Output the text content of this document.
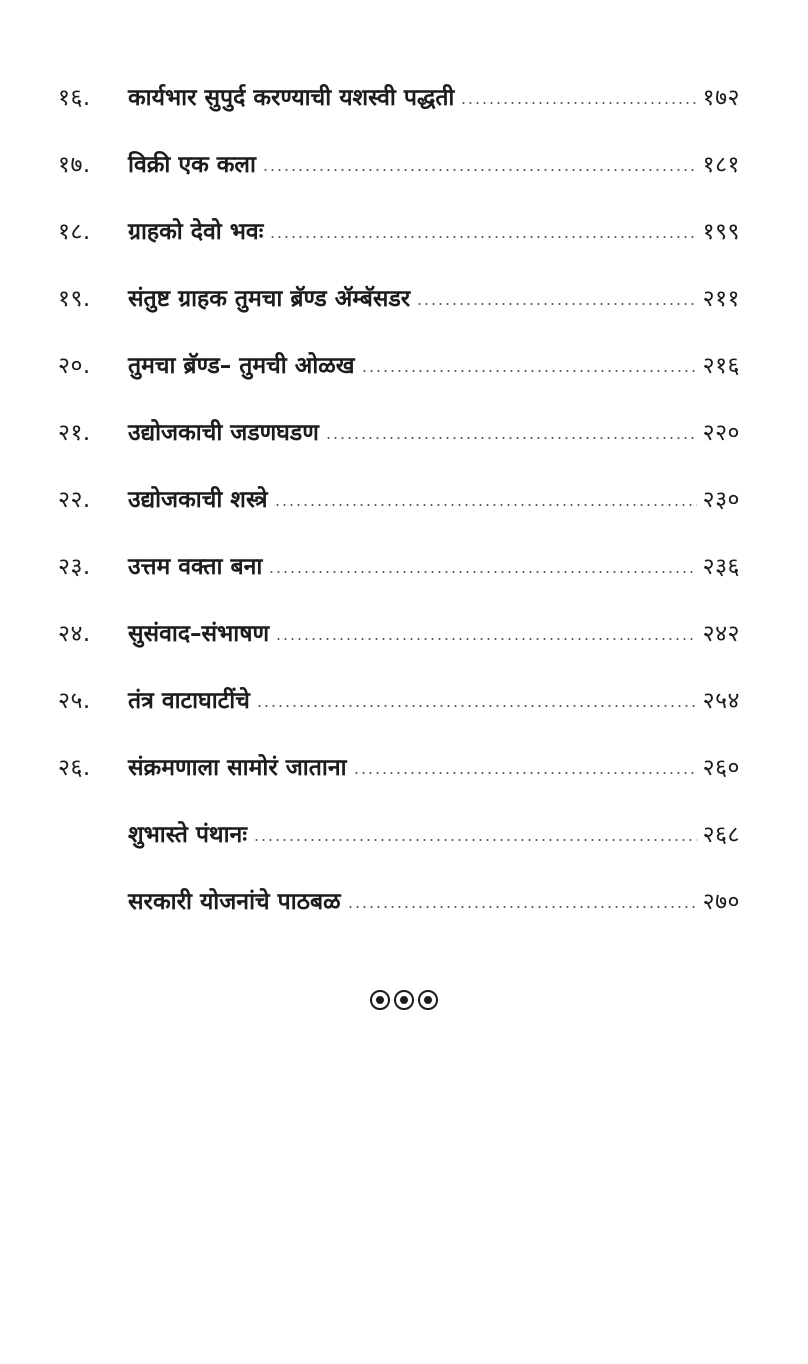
१६.	कार्यभार सुपुर्द करण्याची यशस्वी पद्धती	१७२
१७.	विक्री एक कला	१८१
१८.	ग्राहको देवो भवः	१९९
१९.	संतुष्ट ग्राहक तुमचा ब्रॅण्ड ॲम्बॅसडर	२११
२०.	तुमचा ब्रॅण्ड– तुमची ओळख	२१६
२१.	उद्योजकाची जडणघडण	२२०
२२.	उद्योजकाची शस्त्रे	२३०
२३.	उत्तम वक्ता बना	२३६
२४.	सुसंवाद–संभाषण	२४२
२५.	तंत्र वाटाघाटींचे	२५४
२६.	संक्रमणाला सामोरं जाताना	२६०
शुभास्ते पंथानः	२६८
सरकारी योजनांचे पाठबळ	२७०
